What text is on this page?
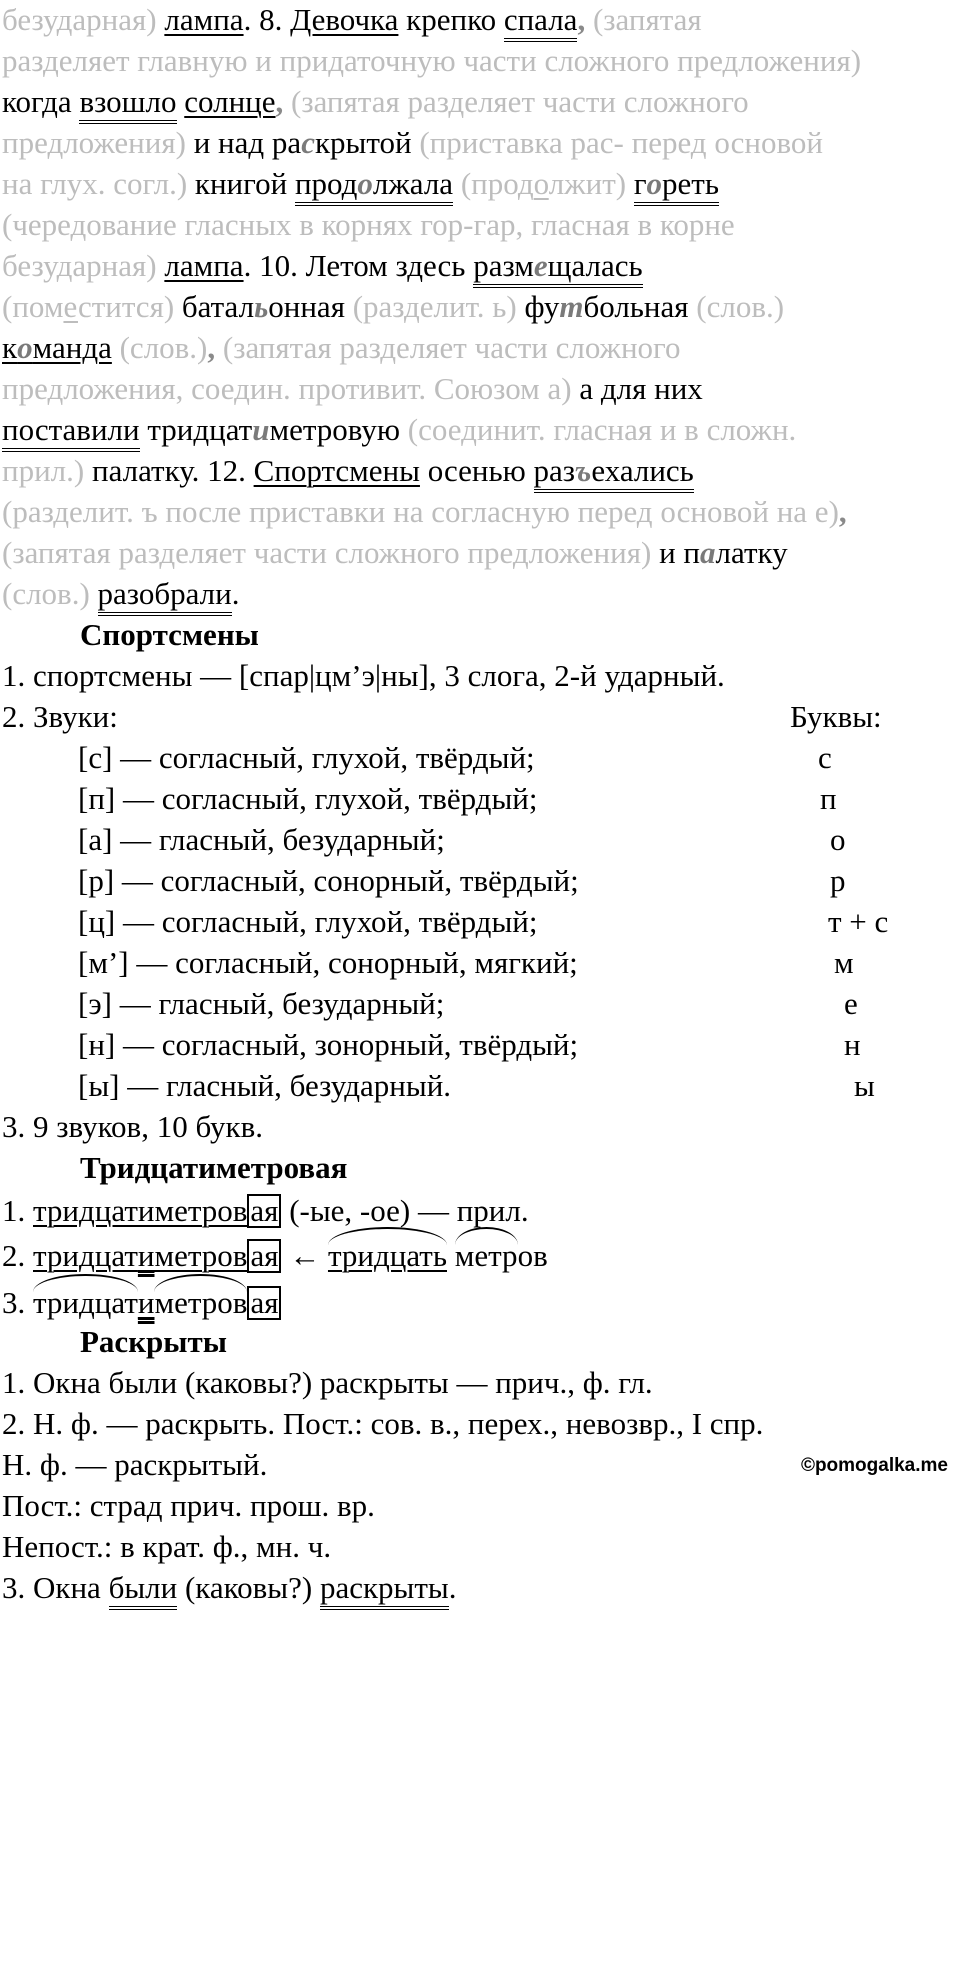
безударная) лампа. 8. Девочка крепко спала, (запятая
разделяет главную и придаточную части сложного предложения)
когда взошло солнце, (запятая разделяет части сложного
предложения) и над раскрытой (приставка рас- перед основой
на глух. согл.) книгой продолжала (продолжит) гореть
(чередование гласных в корнях гор-гар, гласная в корне
безударная) лампа. 10. Летом здесь размещалась
(поместится) батальонная (разделит. ь) футбольная (слов.)
команда (слов.), (запятая разделяет части сложного
предложения, соедин. противит. Союзом а) а для них
поставили тридцатиметровую (соединит. гласная и в сложн.
прил.) палатку. 12. Спортсмены осенью разъехались
(разделит. ъ после приставки на согласную перед основой на е),
(запятая разделяет части сложного предложения) и палатку
(слов.) разобрали.
Спортсмены
1. спортсмены — [спар|цм’э|ны], 3 слога, 2-й ударный.
2. Звуки:	Буквы:
[с] — согласный, глухой, твёрдый;	с
[п] — согласный, глухой, твёрдый;	п
[а] — гласный, безударный;	о
[р] — согласный, сонорный, твёрдый;	р
[ц] — согласный, глухой, твёрдый;	т + с
[м’] — согласный, сонорный, мягкий;	м
[э] — гласный, безударный;	е
[н] — согласный, зонорный, твёрдый;	н
[ы] — гласный, безударный.	ы
3. 9 звуков, 10 букв.
Тридцатиметровая
©pomogalka.me
1. тридцатиметровая (-ые, -ое) — прил.
2. тридцатиметровая ← тридцать метров
3. тридцатиметровая
Раскрыты
1. Окна были (каковы?) раскрыты — прич., ф. гл.
2. Н. ф. — раскрыть. Пост.: сов. в., перех., невозвр., I спр.
Н. ф. — раскрытый.
Пост.: страд прич. прош. вр.
Непост.: в крат. ф., мн. ч.
3. Окна были (каковы?) раскрыты.
